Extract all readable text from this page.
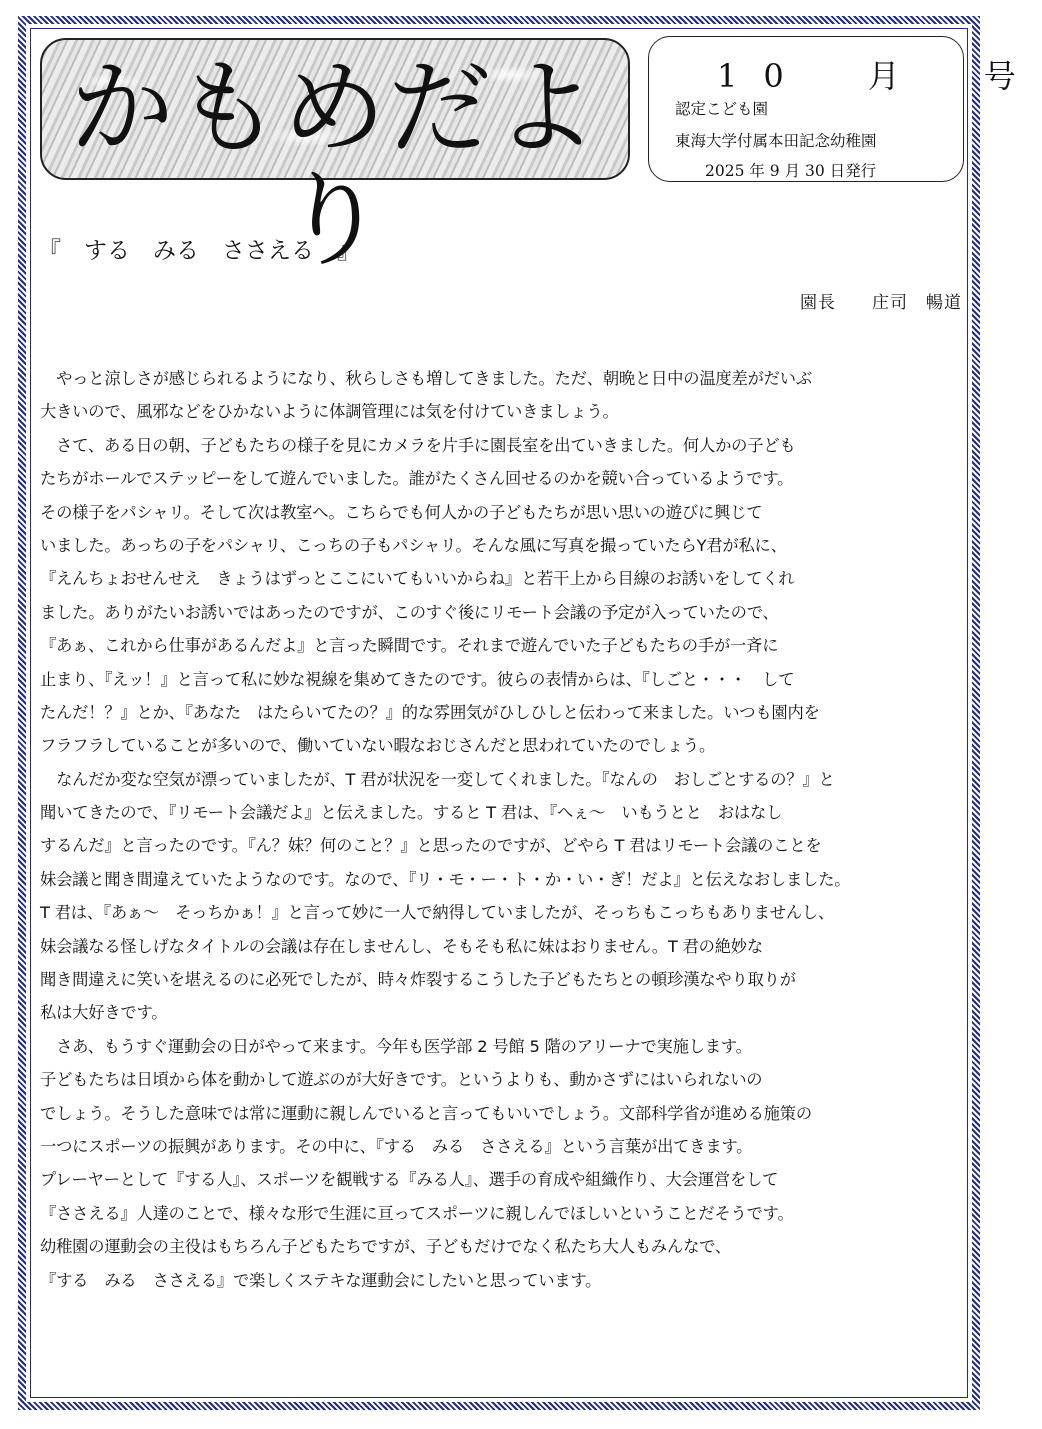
かもめだより
10　月　号
認定こども園
東海大学付属本田記念幼稚園
2025 年 9 月 30 日発行
『　する　みる　ささえる　』
園長　　庄司　暢道
　やっと涼しさが感じられるようになり、秋らしさも増してきました。ただ、朝晩と日中の温度差がだいぶ
大きいので、風邪などをひかないように体調管理には気を付けていきましょう。
　さて、ある日の朝、子どもたちの様子を見にカメラを片手に園長室を出ていきました。何人かの子ども
たちがホールでステッピーをして遊んでいました。誰がたくさん回せるのかを競い合っているようです。
その様子をパシャリ。そして次は教室へ。こちらでも何人かの子どもたちが思い思いの遊びに興じて
いました。あっちの子をパシャリ、こっちの子もパシャリ。そんな風に写真を撮っていたらY君が私に、
『えんちょおせんせえ　きょうはずっとここにいてもいいからね』と若干上から目線のお誘いをしてくれ
ました。ありがたいお誘いではあったのですが、このすぐ後にリモート会議の予定が入っていたので、
『あぁ、これから仕事があるんだよ』と言った瞬間です。それまで遊んでいた子どもたちの手が一斉に
止まり、『えッ！』と言って私に妙な視線を集めてきたのです。彼らの表情からは、『しごと・・・　して
たんだ！？』とか、『あなた　はたらいてたの？』的な雰囲気がひしひしと伝わって来ました。いつも園内を
フラフラしていることが多いので、働いていない暇なおじさんだと思われていたのでしょう。
　なんだか変な空気が漂っていましたが、T 君が状況を一変してくれました。『なんの　おしごとするの？』と
聞いてきたので、『リモート会議だよ』と伝えました。すると T 君は、『へぇ～　いもうとと　おはなし
するんだ』と言ったのです。『ん？妹？何のこと？』と思ったのですが、どやら T 君はリモート会議のことを
妹会議と聞き間違えていたようなのです。なので、『リ・モ・ー・ト・か・い・ぎ！だよ』と伝えなおしました。
T 君は、『あぁ～　そっちかぁ！』と言って妙に一人で納得していましたが、そっちもこっちもありませんし、
妹会議なる怪しげなタイトルの会議は存在しませんし、そもそも私に妹はおりません。T 君の絶妙な
聞き間違えに笑いを堪えるのに必死でしたが、時々炸裂するこうした子どもたちとの頓珍漢なやり取りが
私は大好きです。
　さあ、もうすぐ運動会の日がやって来ます。今年も医学部 2 号館 5 階のアリーナで実施します。
子どもたちは日頃から体を動かして遊ぶのが大好きです。というよりも、動かさずにはいられないの
でしょう。そうした意味では常に運動に親しんでいると言ってもいいでしょう。文部科学省が進める施策の
一つにスポーツの振興があります。その中に、『する　みる　ささえる』という言葉が出てきます。
プレーヤーとして『する人』、スポーツを観戦する『みる人』、選手の育成や組織作り、大会運営をして
『ささえる』人達のことで、様々な形で生涯に亘ってスポーツに親しんでほしいということだそうです。
幼稚園の運動会の主役はもちろん子どもたちですが、子どもだけでなく私たち大人もみんなで、
『する　みる　ささえる』で楽しくステキな運動会にしたいと思っています。
